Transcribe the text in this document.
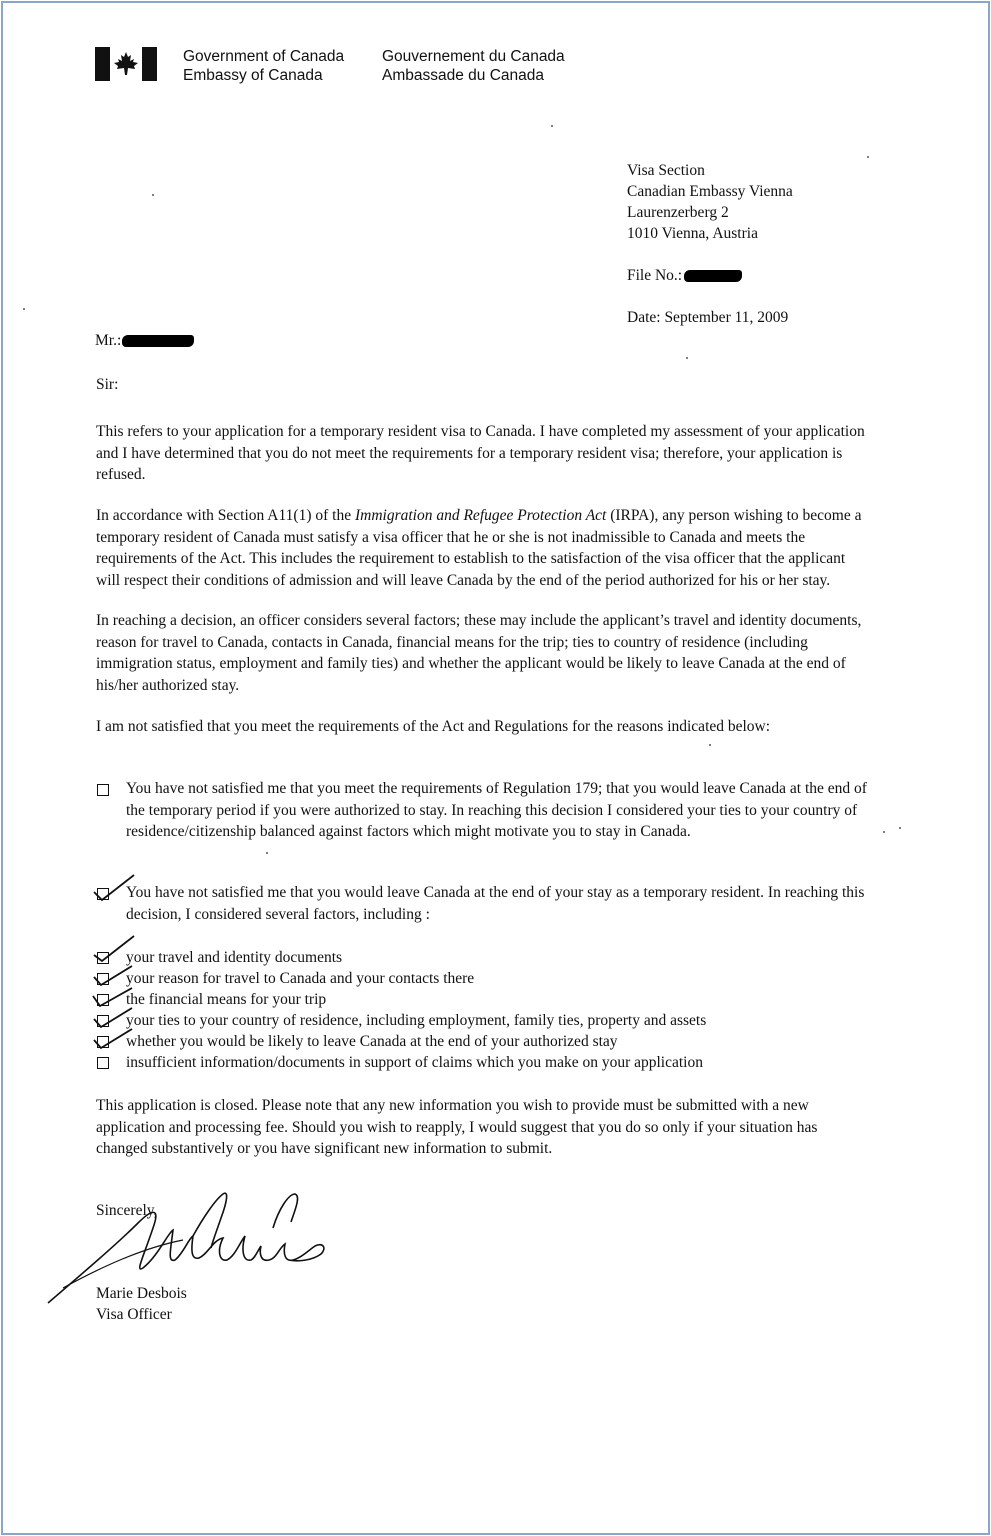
Government of Canada
Embassy of Canada
Gouvernement du Canada
Ambassade du Canada
Visa Section
Canadian Embassy Vienna
Laurenzerberg 2
1010 Vienna, Austria
File No.:
Date: September 11, 2009
Mr.:
Sir:
This refers to your application for a temporary resident visa to Canada. I have completed my assessment of your application
and I have determined that you do not meet the requirements for a temporary resident visa; therefore, your application is
refused.
In accordance with Section A11(1) of the Immigration and Refugee Protection Act (IRPA), any person wishing to become a
temporary resident of Canada must satisfy a visa officer that he or she is not inadmissible to Canada and meets the
requirements of the Act. This includes the requirement to establish to the satisfaction of the visa officer that the applicant
will respect their conditions of admission and will leave Canada by the end of the period authorized for his or her stay.
In reaching a decision, an officer considers several factors; these may include the applicant’s travel and identity documents,
reason for travel to Canada, contacts in Canada, financial means for the trip; ties to country of residence (including
immigration status, employment and family ties) and whether the applicant would be likely to leave Canada at the end of
his/her authorized stay.
I am not satisfied that you meet the requirements of the Act and Regulations for the reasons indicated below:
You have not satisfied me that you meet the requirements of Regulation 179; that you would leave Canada at the end of
the temporary period if you were authorized to stay. In reaching this decision I considered your ties to your country of
residence/citizenship balanced against factors which might motivate you to stay in Canada.
You have not satisfied me that you would leave Canada at the end of your stay as a temporary resident. In reaching this
decision, I considered several factors, including :
your travel and identity documents
your reason for travel to Canada and your contacts there
the financial means for your trip
your ties to your country of residence, including employment, family ties, property and assets
whether you would be likely to leave Canada at the end of your authorized stay
insufficient information/documents in support of claims which you make on your application
This application is closed. Please note that any new information you wish to provide must be submitted with a new
application and processing fee. Should you wish to reapply, I would suggest that you do so only if your situation has
changed substantively or you have significant new information to submit.
Sincerely,
Marie Desbois
Visa Officer
